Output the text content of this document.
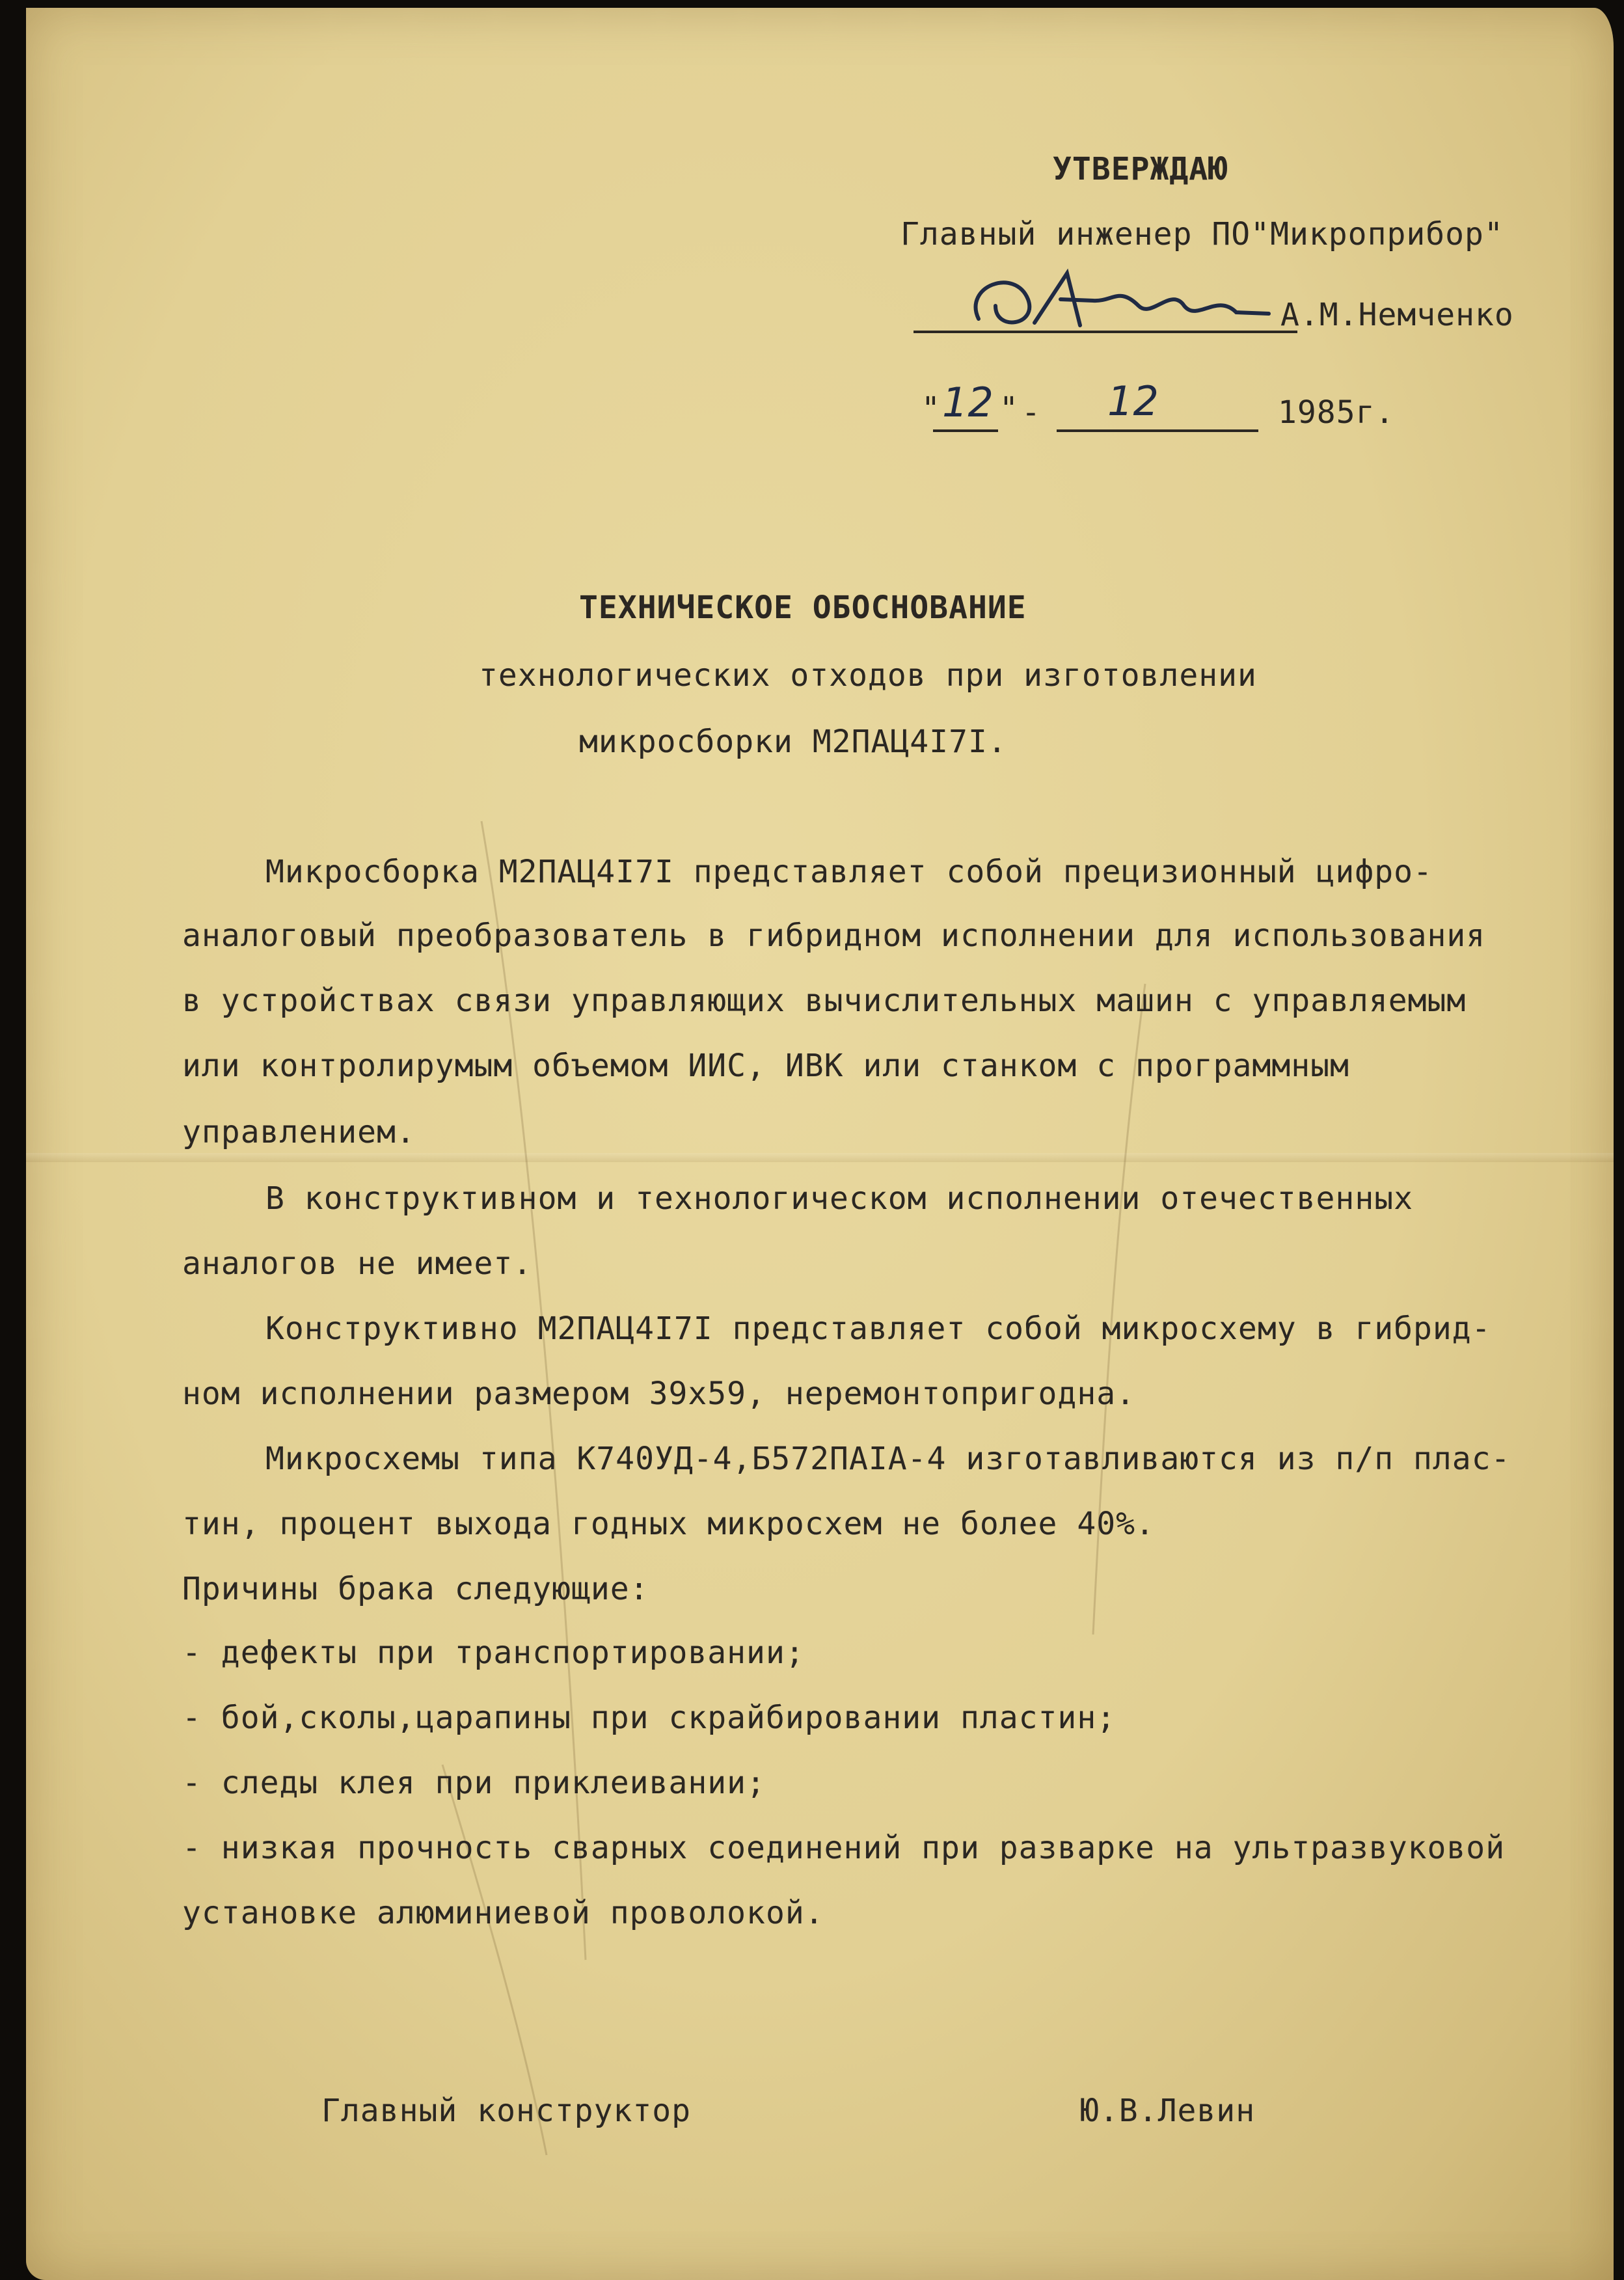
УТВЕРЖДАЮ

Главный инженер ПО"Микроприбор"

А.М.Немченко

" 12 " - 12	1985г.

ТЕХНИЧЕСКОЕ ОБОСНОВАНИЕ

технологических отходов при изготовлении

микросборки М2ПАЦ4I7I.

Микросборка М2ПАЦ4I7I представляет собой прецизионный цифро-

аналоговый преобразователь в гибридном исполнении для использования

в устройствах связи управляющих вычислительных машин с управляемым

или контролирумым объемом ИИС, ИВК или станком с программным

управлением.

В конструктивном и технологическом исполнении отечественных

аналогов не имеет.

Конструктивно М2ПАЦ4I7I представляет собой микросхему в гибрид-

ном исполнении размером 39х59, неремонтопригодна.

Микросхемы типа К740УД-4,Б572ПАIА-4 изготавливаются из п/п плас-

тин, процент выхода годных микросхем не более 40%.

Причины брака следующие:

- дефекты при транспортировании;

- бой,сколы,царапины при скрайбировании пластин;

- следы клея при приклеивании;

- низкая прочность сварных соединений при разварке на ультразвуковой

установке алюминиевой проволокой.

Главный конструктор	Ю.В.Левин
